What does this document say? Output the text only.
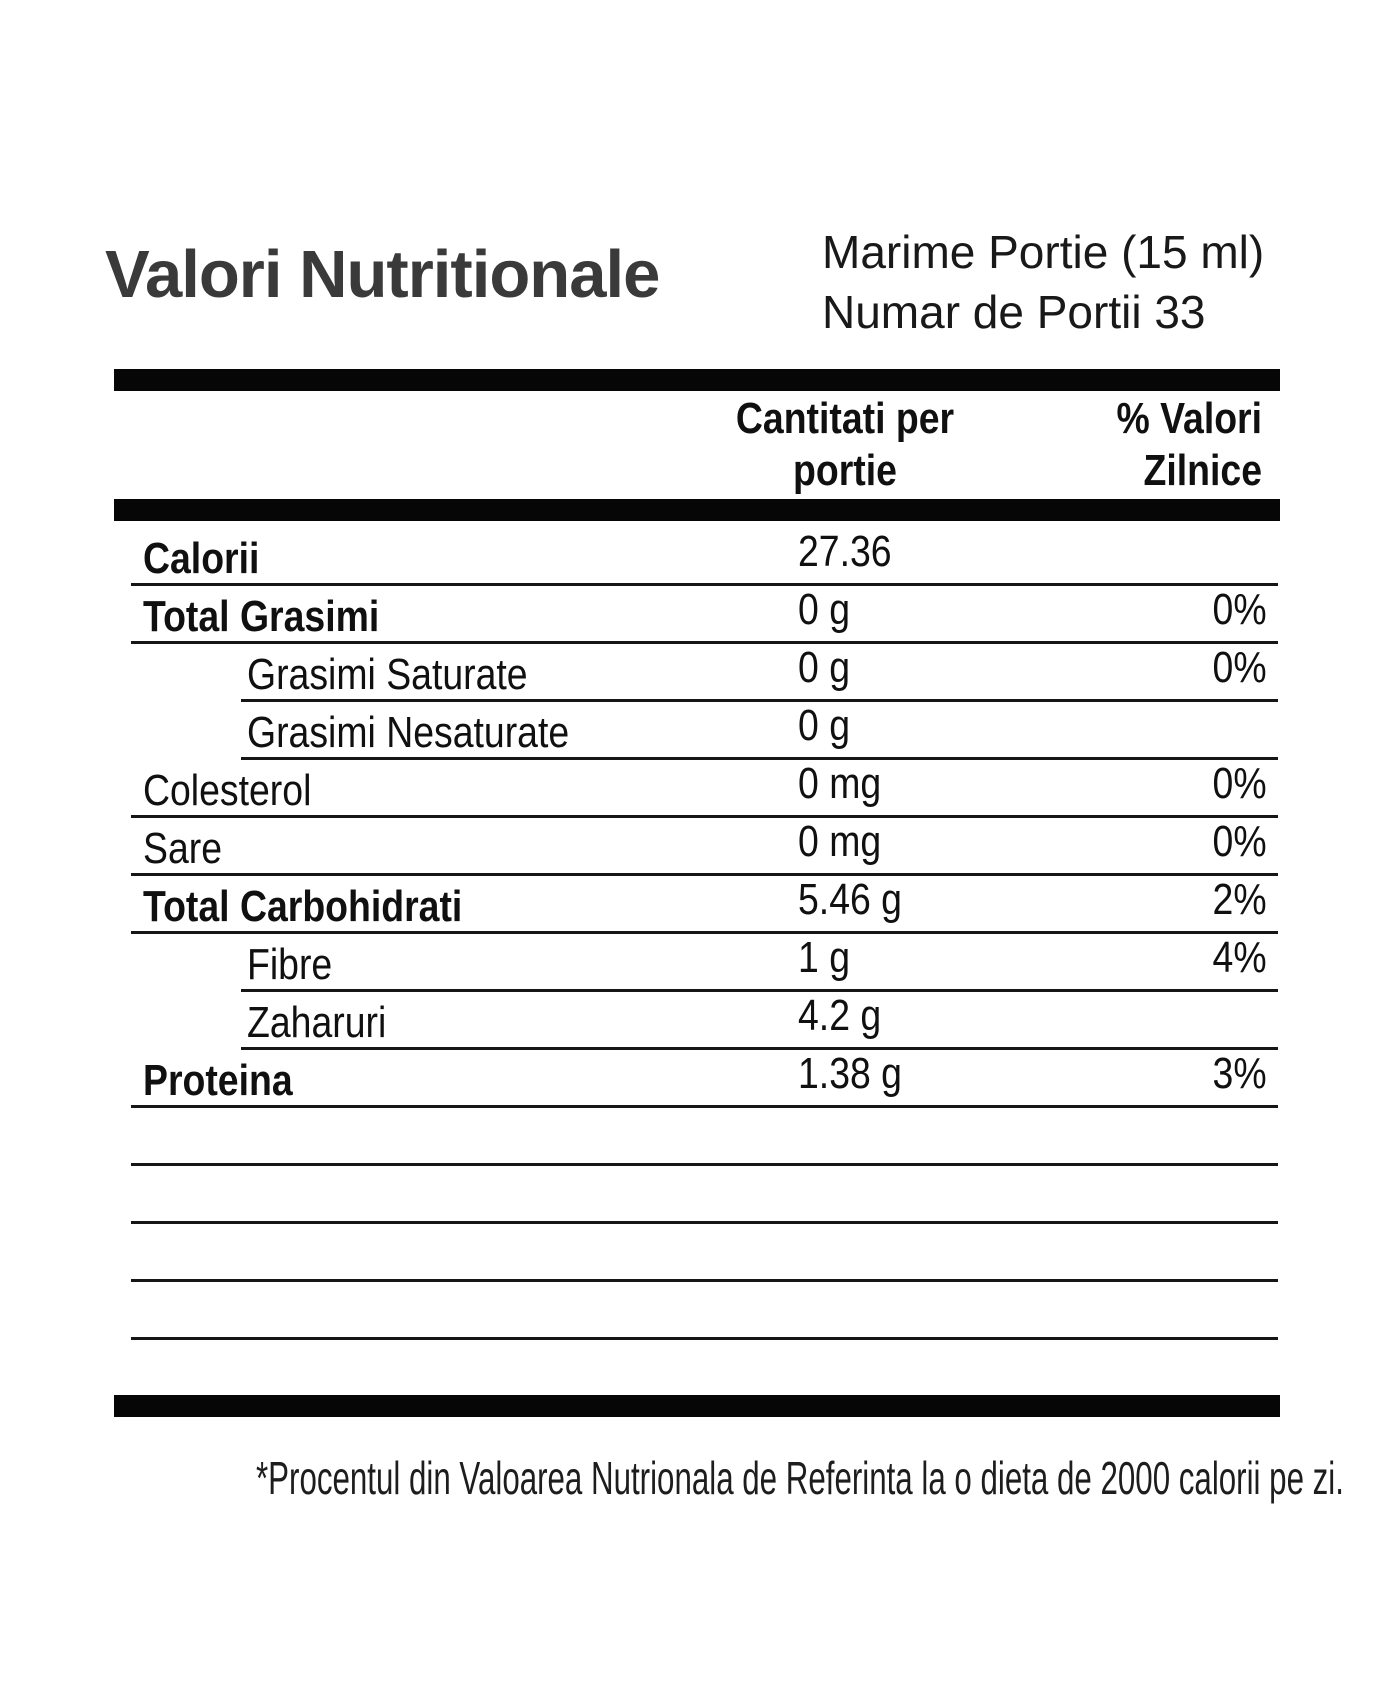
Valori Nutritionale	Marime Portie (15 ml)
Numar de Portii 33
Cantitati per portie
% Valori Zilnice
Calorii	27.36
Total Grasimi	0 g	0%
Grasimi Saturate	0 g	0%
Grasimi Nesaturate	0 g
Colesterol	0 mg	0%
Sare	0 mg	0%
Total Carbohidrati	5.46 g	2%
Fibre	1 g	4%
Zaharuri	4.2 g
Proteina	1.38 g	3%
*Procentul din Valoarea Nutrionala de Referinta la o dieta de 2000 calorii pe zi.
